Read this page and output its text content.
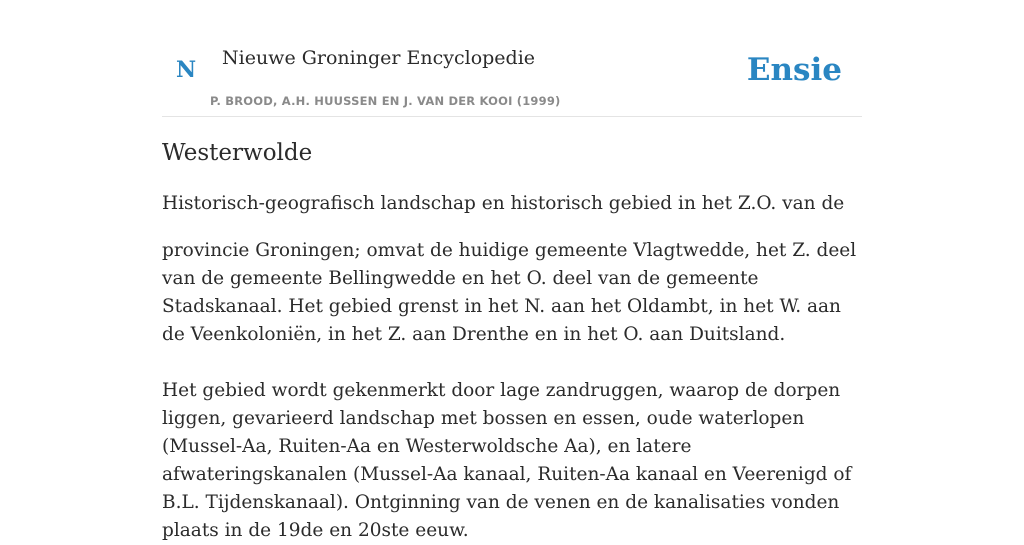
N Nieuwe Groninger Encyclopedie
P. BROOD, A.H. HUUSSEN EN J. VAN DER KOOI (1999)
Ensie
Westerwolde

Historisch-geografisch landschap en historisch gebied in het Z.O. van de

provincie Groningen; omvat de huidige gemeente Vlagtwedde, het Z. deel van de gemeente Bellingwedde en het O. deel van de gemeente Stadskanaal. Het gebied grenst in het N. aan het Oldambt, in het W. aan de Veenkoloniën, in het Z. aan Drenthe en in het O. aan Duitsland.

Het gebied wordt gekenmerkt door lage zandruggen, waarop de dorpen liggen, gevarieerd landschap met bossen en essen, oude waterlopen (Mussel-Aa, Ruiten-Aa en Westerwoldsche Aa), en latere afwateringskanalen (Mussel-Aa kanaal, Ruiten-Aa kanaal en Veerenigd of B.L. Tijdenskanaal). Ontginning van de venen en de kanalisaties vonden plaats in de 19de en 20ste eeuw.
